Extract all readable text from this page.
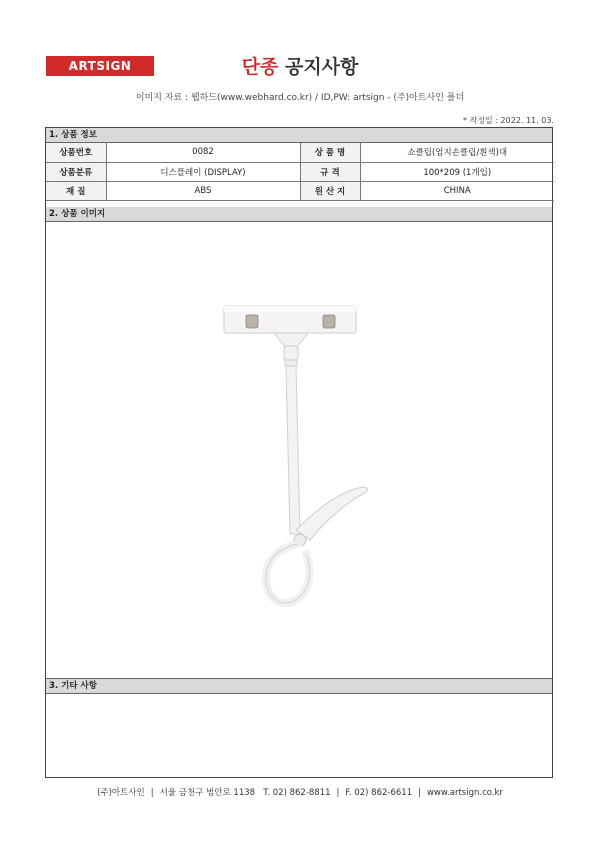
ARTSIGN	단종 공지사항
이미지 자료 : 웹하드(www.webhard.co.kr) / ID,PW: artsign - (주)아트사인 폴더
* 작성일 : 2022. 11. 03.
1. 상품 정보
상품번호	0082	상 품 명	쇼클립(엄지손클립/흰색)대
상품분류	디스플레이 (DISPLAY)	규 격	100*209 (1개입)
재 질	ABS	원 산 지	CHINA
2. 상품 이미지
3. 기타 사항
(주)아트사인 | 서울 금천구 범안로 1138 T. 02) 862-8811 | F. 02) 862-6611 | www.artsign.co.kr
